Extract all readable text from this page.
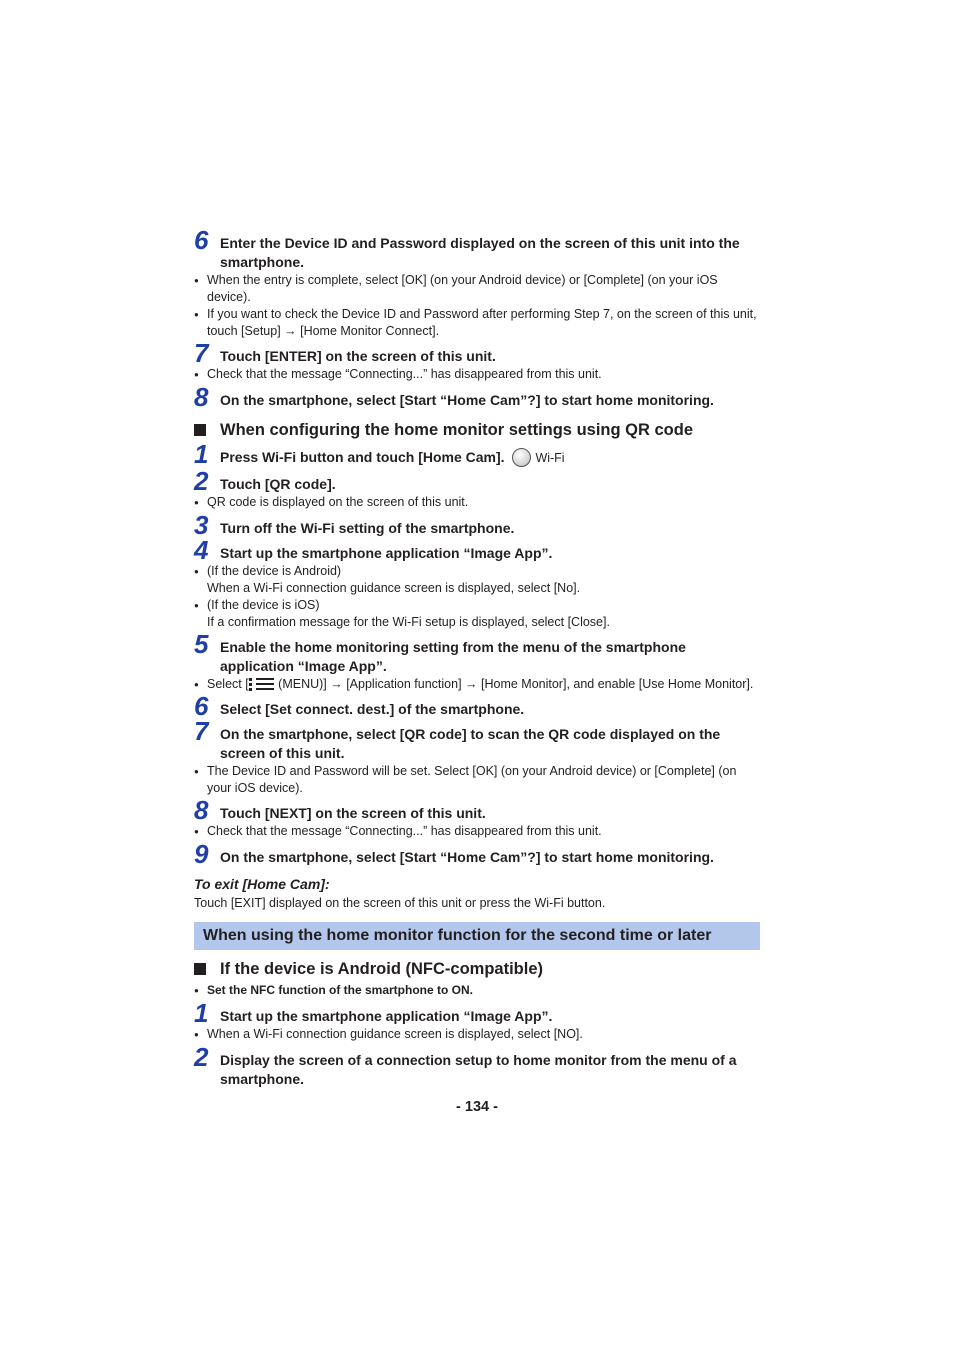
6 Enter the Device ID and Password displayed on the screen of this unit into the smartphone.
● When the entry is complete, select [OK] (on your Android device) or [Complete] (on your iOS device).
● If you want to check the Device ID and Password after performing Step 7, on the screen of this unit, touch [Setup] → [Home Monitor Connect].
7 Touch [ENTER] on the screen of this unit.
● Check that the message “Connecting...” has disappeared from this unit.
8 On the smartphone, select [Start “Home Cam”?] to start home monitoring.
When configuring the home monitor settings using QR code
1 Press Wi-Fi button and touch [Home Cam]. Wi-Fi
2 Touch [QR code].
● QR code is displayed on the screen of this unit.
3 Turn off the Wi-Fi setting of the smartphone.
4 Start up the smartphone application “Image App”.
● (If the device is Android)
When a Wi-Fi connection guidance screen is displayed, select [No].
● (If the device is iOS)
If a confirmation message for the Wi-Fi setup is displayed, select [Close].
5 Enable the home monitoring setting from the menu of the smartphone application “Image App”.
● Select [
(MENU)] → [Application function] → [Home Monitor], and enable [Use Home Monitor].
6 Select [Set connect. dest.] of the smartphone.
7 On the smartphone, select [QR code] to scan the QR code displayed on the screen of this unit.
● The Device ID and Password will be set. Select [OK] (on your Android device) or [Complete] (on your iOS device).
8 Touch [NEXT] on the screen of this unit.
● Check that the message “Connecting...” has disappeared from this unit.
9 On the smartphone, select [Start “Home Cam”?] to start home monitoring.
To exit [Home Cam]:
Touch [EXIT] displayed on the screen of this unit or press the Wi-Fi button.
When using the home monitor function for the second time or later
If the device is Android (NFC-compatible)
● Set the NFC function of the smartphone to ON.
1 Start up the smartphone application “Image App”.
● When a Wi-Fi connection guidance screen is displayed, select [NO].
2 Display the screen of a connection setup to home monitor from the menu of a smartphone.
- 134 -
